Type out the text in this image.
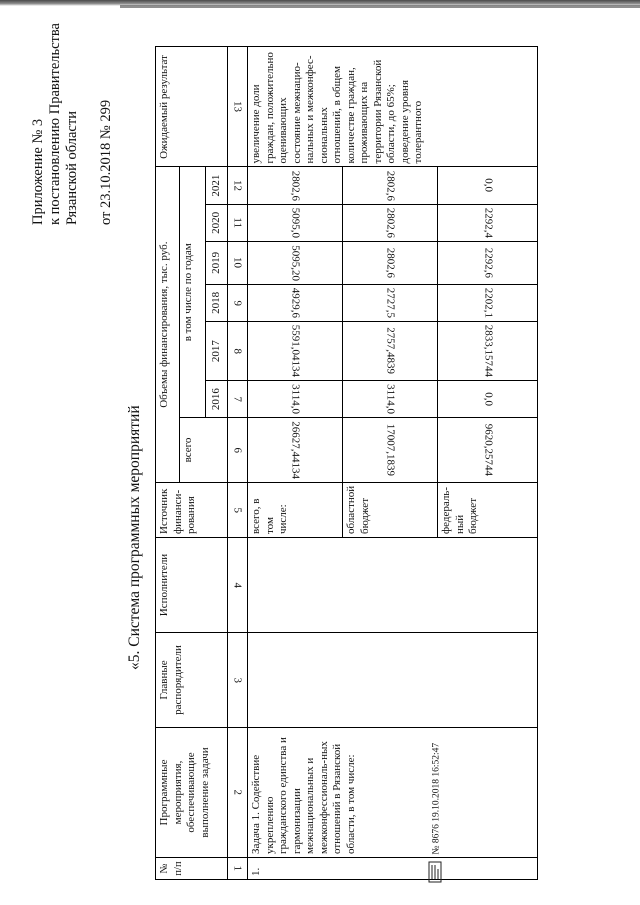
Приложение № 3 к постановлению Правительства Рязанской области от 23.10.2018 № 299
«5. Система программных мероприятий
№ п/п	Программные мероприятия, обеспечивающие выполнение задачи	Главные распорядители	Исполнители	Источник финанси-рования	Объемы финансирования, тыс. руб.							Ожидаемый результат
					всего	в том числе по годам						
						2016	2017	2018	2019	2020	2021	
1	2	3	4	5	6	7	8	9	10	11	12	13
1.	Задача 1. Содействие укреплению гражданского единства и гармонизации межнациональных и межконфессиональ-ных отношений в Рязанской области, в том числе:			всего, в том числе:	26627,44134	3114,0	5591,04134	4929,6	5095,20	5095,0	2802,6	увеличение доли граждан, положительно оценивающих состояние межнацио-нальных и межконфес-сиональных отношений, в общем количестве граждан, проживающих на территории Рязанской области, до 65%; доведение уровня толерантного
				областной бюджет	17007,1839	3114,0	2757,4839	2727,5	2802,6	2802,6	2802,6	
				федераль-ный бюджет	9620,25744	0,0	2833,15744	2202,1	2292,6	2292,4	0,0	
№ 8676 19.10.2018 16:52:47
